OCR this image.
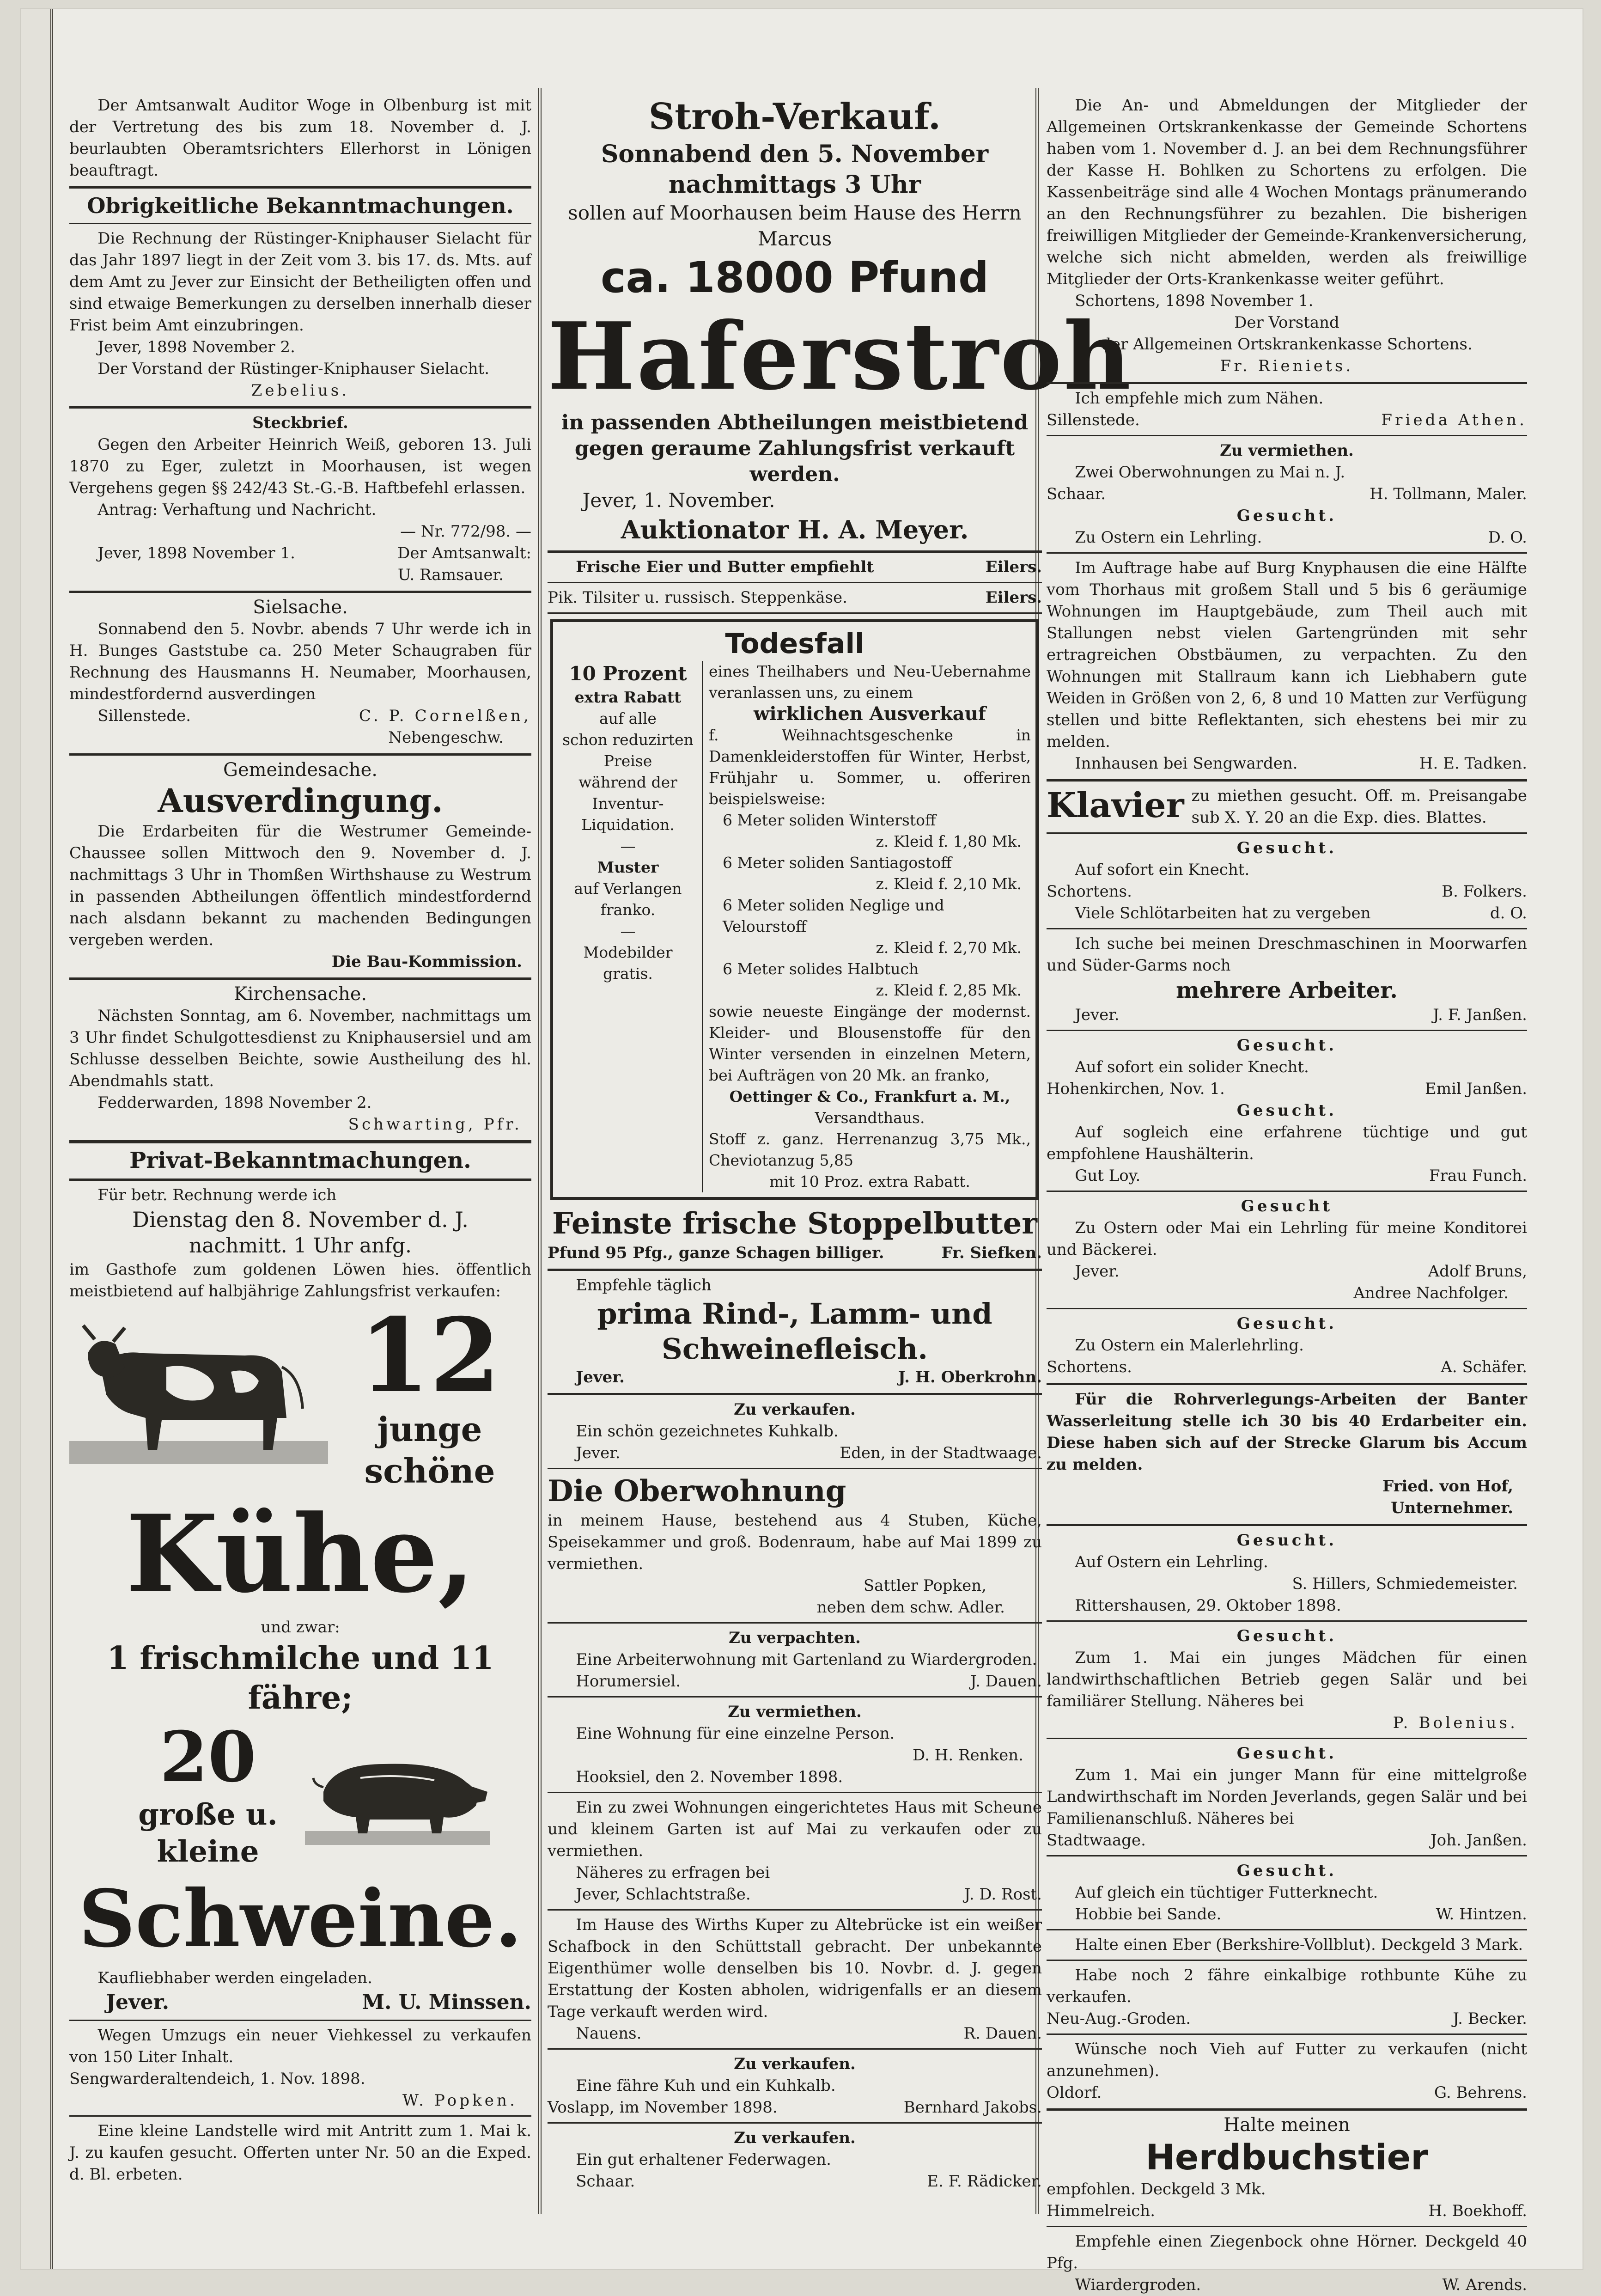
Der Amtsanwalt Auditor Woge in Olbenburg ist mit der Vertretung des bis zum 18. November d. J. beurlaubten Oberamtsrichters Ellerhorst in Lönigen beauftragt.

Obrigkeitliche Bekanntmachungen.

Die Rechnung der Rüstinger-Kniphauser Sielacht für das Jahr 1897 liegt in der Zeit vom 3. bis 17. ds. Mts. auf dem Amt zu Jever zur Einsicht der Betheiligten offen und sind etwaige Bemerkungen zu derselben innerhalb dieser Frist beim Amt einzubringen.

Jever, 1898 November 2.

Der Vorstand der Rüstinger-Kniphauser Sielacht.

Zebelius.

Steckbrief.

Gegen den Arbeiter Heinrich Weiß, geboren 13. Juli 1870 zu Eger, zuletzt in Moorhausen, ist wegen Vergehens gegen §§ 242/43 St.-G.-B. Haftbefehl erlassen.

Antrag: Verhaftung und Nachricht.

— Nr. 772/98. —

Jever, 1898 November 1.	Der Amtsanwalt:

U. Ramsauer.

Sielsache.

Sonnabend den 5. Novbr. abends 7 Uhr werde ich in H. Bunges Gaststube ca. 250 Meter Schaugraben für Rechnung des Hausmanns H. Neumaber, Moorhausen, mindestfordernd ausverdingen

Sillenstede.	C. P. Cornelßen,

Nebengeschw.

Gemeindesache.

Ausverdingung.

Die Erdarbeiten für die Westrumer Gemeinde-Chaussee sollen Mittwoch den 9. November d. J. nachmittags 3 Uhr in Thomßen Wirthshause zu Westrum in passenden Abtheilungen öffentlich mindestfordernd nach alsdann bekannt zu machenden Bedingungen vergeben werden.

Die Bau-Kommission.

Kirchensache.

Nächsten Sonntag, am 6. November, nachmittags um 3 Uhr findet Schulgottesdienst zu Kniphausersiel und am Schlusse desselben Beichte, sowie Austheilung des hl. Abendmahls statt.

Fedderwarden, 1898 November 2.

Schwarting, Pfr.

Privat-Bekanntmachungen.

Für betr. Rechnung werde ich

Dienstag den 8. November d. J.

nachmitt. 1 Uhr anfg.

im Gasthofe zum goldenen Löwen hies. öffentlich meistbietend auf halbjährige Zahlungsfrist verkaufen:

12

junge schöne

Kühe,

und zwar:

1 frischmilche und 11 fähre;

20

große u. kleine

Schweine.

Kaufliebhaber werden eingeladen.

Jever.	M. U. Minssen.

Wegen Umzugs ein neuer Viehkessel zu verkaufen von 150 Liter Inhalt.

Sengwarderaltendeich, 1. Nov. 1898.

W. Popken.

Eine kleine Landstelle wird mit Antritt zum 1. Mai k. J. zu kaufen gesucht. Offerten unter Nr. 50 an die Exped. d. Bl. erbeten.

Stroh-Verkauf.

Sonnabend den 5. November

nachmittags 3 Uhr

sollen auf Moorhausen beim Hause des Herrn Marcus

ca. 18000 Pfund

Haferstroh

in passenden Abtheilungen meistbietend gegen geraume Zahlungsfrist verkauft werden.

Jever, 1. November.

Auktionator H. A. Meyer.

Frische Eier und Butter empfiehlt	Eilers.
Pik. Tilsiter u. russisch. Steppenkäse.	Eilers.

Todesfall

10 Prozent

extra Rabatt

auf alle

schon reduzirten

Preise

während der

Inventur-

Liquidation.

—

Muster

auf Verlangen

franko.

—

Modebilder

gratis.

eines Theilhabers und Neu-Uebernahme veranlassen uns, zu einem

wirklichen Ausverkauf

f. Weihnachtsgeschenke in Damenkleiderstoffen für Winter, Herbst, Frühjahr u. Sommer, u. offeriren beispielsweise:

6 Meter soliden Winterstoff

z. Kleid f. 1,80 Mk.

6 Meter soliden Santiagostoff

z. Kleid f. 2,10 Mk.

6 Meter soliden Neglige und Velourstoff

z. Kleid f. 2,70 Mk.

6 Meter solides Halbtuch

z. Kleid f. 2,85 Mk.

sowie neueste Eingänge der modernst. Kleider- und Blousenstoffe für den Winter versenden in einzelnen Metern, bei Aufträgen von 20 Mk. an franko,

Oettinger & Co., Frankfurt a. M.,

Versandthaus.

Stoff z. ganz. Herrenanzug 3,75 Mk., Cheviotanzug 5,85

mit 10 Proz. extra Rabatt.

Feinste frische Stoppelbutter

Pfund 95 Pfg., ganze Schagen billiger.	Fr. Siefken.

Empfehle täglich

prima Rind-, Lamm- und Schweinefleisch.

Jever.	J. H. Oberkrohn.

Zu verkaufen.

Ein schön gezeichnetes Kuhkalb.

Jever.	Eden, in der Stadtwaage.
Die Oberwohnung

in meinem Hause, bestehend aus 4 Stuben, Küche, Speisekammer und groß. Bodenraum, habe auf Mai 1899 zu vermiethen.

Sattler Popken,

neben dem schw. Adler.

Zu verpachten.

Eine Arbeiterwohnung mit Gartenland zu Wiardergroden.

Horumersiel.	J. Dauen.

Zu vermiethen.

Eine Wohnung für eine einzelne Person.

D. H. Renken.

Hooksiel, den 2. November 1898.

Ein zu zwei Wohnungen eingerichtetes Haus mit Scheune und kleinem Garten ist auf Mai zu verkaufen oder zu vermiethen.

Näheres zu erfragen bei

Jever, Schlachtstraße.	J. D. Rost.

Im Hause des Wirths Kuper zu Altebrücke ist ein weißer Schafbock in den Schüttstall gebracht. Der unbekannte Eigenthümer wolle denselben bis 10. Novbr. d. J. gegen Erstattung der Kosten abholen, widrigenfalls er an diesem Tage verkauft werden wird.

Nauens.	R. Dauen.

Zu verkaufen.

Eine fähre Kuh und ein Kuhkalb.

Voslapp, im November 1898.	Bernhard Jakobs.

Zu verkaufen.

Ein gut erhaltener Federwagen.

Schaar.	E. F. Rädicker.

Die An- und Abmeldungen der Mitglieder der Allgemeinen Ortskrankenkasse der Gemeinde Schortens haben vom 1. November d. J. an bei dem Rechnungsführer der Kasse H. Bohlken zu Schortens zu erfolgen. Die Kassenbeiträge sind alle 4 Wochen Montags pränumerando an den Rechnungsführer zu bezahlen. Die bisherigen freiwilligen Mitglieder der Gemeinde-Krankenversicherung, welche sich nicht abmelden, werden als freiwillige Mitglieder der Orts-Krankenkasse weiter geführt.

Schortens, 1898 November 1.

Der Vorstand

der Allgemeinen Ortskrankenkasse Schortens.

Fr. Rieniets.

Ich empfehle mich zum Nähen.

Sillenstede.	Frieda Athen.

Zu vermiethen.

Zwei Oberwohnungen zu Mai n. J.

Schaar.	H. Tollmann, Maler.

Gesucht.

Zu Ostern ein Lehrling.	D. O.

Im Auftrage habe auf Burg Knyphausen die eine Hälfte vom Thorhaus mit großem Stall und 5 bis 6 geräumige Wohnungen im Hauptgebäude, zum Theil auch mit Stallungen nebst vielen Gartengründen mit sehr ertragreichen Obstbäumen, zu verpachten. Zu den Wohnungen mit Stallraum kann ich Liebhabern gute Weiden in Größen von 2, 6, 8 und 10 Matten zur Verfügung stellen und bitte Reflektanten, sich ehestens bei mir zu melden.

Innhausen bei Sengwarden.	H. E. Tadken.
Klavier zu miethen gesucht. Off. m. Preisangabe sub X. Y. 20 an die Exp. dies. Blattes.

Gesucht.

Auf sofort ein Knecht.

Schortens.	B. Folkers.
Viele Schlötarbeiten hat zu vergeben	d. O.

Ich suche bei meinen Dreschmaschinen in Moorwarfen und Süder-Garms noch

mehrere Arbeiter.

Jever.	J. F. Janßen.

Gesucht.

Auf sofort ein solider Knecht.

Hohenkirchen, Nov. 1.	Emil Janßen.

Gesucht.

Auf sogleich eine erfahrene tüchtige und gut empfohlene Haushälterin.

Gut Loy.	Frau Funch.

Gesucht

Zu Ostern oder Mai ein Lehrling für meine Konditorei und Bäckerei.

Jever.	Adolf Bruns,

Andree Nachfolger.

Gesucht.

Zu Ostern ein Malerlehrling.

Schortens.	A. Schäfer.

Für die Rohrverlegungs-Arbeiten der Banter Wasserleitung stelle ich 30 bis 40 Erdarbeiter ein. Diese haben sich auf der Strecke Glarum bis Accum zu melden.

Fried. von Hof,

Unternehmer.

Gesucht.

Auf Ostern ein Lehrling.

S. Hillers, Schmiedemeister.

Rittershausen, 29. Oktober 1898.

Gesucht.

Zum 1. Mai ein junges Mädchen für einen landwirthschaftlichen Betrieb gegen Salär und bei familiärer Stellung. Näheres bei

P. Bolenius.

Gesucht.

Zum 1. Mai ein junger Mann für eine mittelgroße Landwirthschaft im Norden Jeverlands, gegen Salär und bei Familienanschluß. Näheres bei

Stadtwaage.	Joh. Janßen.

Gesucht.

Auf gleich ein tüchtiger Futterknecht.

Hobbie bei Sande.	W. Hintzen.

Halte einen Eber (Berkshire-Vollblut). Deckgeld 3 Mark.

Habe noch 2 fähre einkalbige rothbunte Kühe zu verkaufen.

Neu-Aug.-Groden.	J. Becker.

Wünsche noch Vieh auf Futter zu verkaufen (nicht anzunehmen).

Oldorf.	G. Behrens.

Halte meinen

Herdbuchstier

empfohlen. Deckgeld 3 Mk.

Himmelreich.	H. Boekhoff.

Empfehle einen Ziegenbock ohne Hörner. Deckgeld 40 Pfg.

Wiardergroden.	W. Arends.
